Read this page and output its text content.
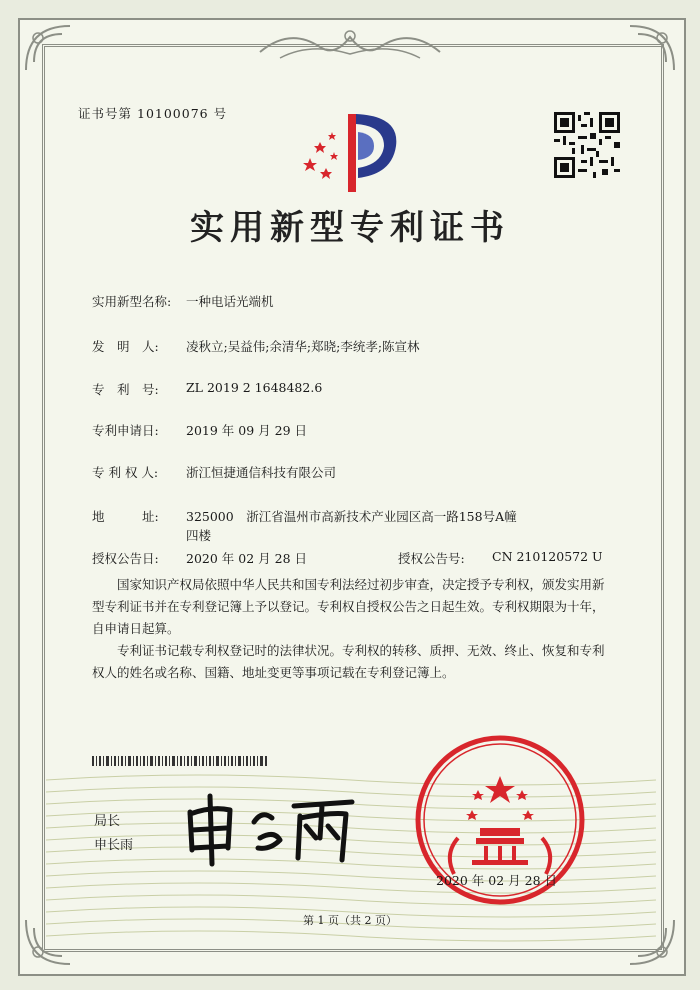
证书号第 10100076 号
实用新型专利证书
实用新型名称: 一种电话光端机
发　明　人: 凌秋立;吴益伟;余清华;郑晓;李统孝;陈宣林
专　利　号: ZL 2019 2 1648482.6
专利申请日: 2019 年 09 月 29 日
专 利 权 人: 浙江恒捷通信科技有限公司
地　　　址: 325000　浙江省温州市高新技术产业园区高一路158号A幢
四楼
授权公告日: 2020 年 02 月 28 日	授权公告号: CN 210120572 U
国家知识产权局依照中华人民共和国专利法经过初步审查，决定授予专利权，颁发实用新型专利证书并在专利登记簿上予以登记。专利权自授权公告之日起生效。专利权期限为十年，自申请日起算。
专利证书记载专利权登记时的法律状况。专利权的转移、质押、无效、终止、恢复和专利权人的姓名或名称、国籍、地址变更等事项记载在专利登记簿上。
局长
申长雨
2020 年 02 月 28 日
第 1 页（共 2 页）
